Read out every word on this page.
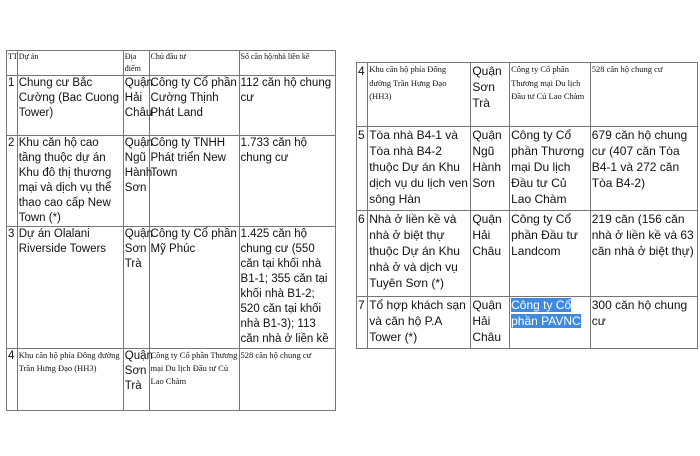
TT	Dự án	Địa điểm	Chủ đầu tư	Số căn hộ/nhà liền kề
1	Chung cư Bắc Cường (Bac Cuong Tower)	Quận Hải Châu	Công ty Cổ phần Cường Thịnh Phát Land	112 căn hộ chung cư
2	Khu căn hộ cao tầng thuộc dự án Khu đô thị thương mại và dịch vụ thể thao cao cấp New Town (*)	Quận Ngũ Hành Sơn	Công ty TNHH Phát triển New Town	1.733 căn hộ chung cư
3	Dự án Olalani Riverside Towers	Quận Sơn Trà	Công ty Cổ phần Mỹ Phúc	1.425 căn hộ chung cư (550 căn tại khối nhà B1-1; 355 căn tại khối nhà B1-2; 520 căn tại khối nhà B1-3); 113 căn nhà ở liền kề
4	Khu căn hộ phía Đông đường Trần Hưng Đạo (HH3)	Quận Sơn Trà	Công ty Cổ phần Thương mại Du lịch Đầu tư Củ Lao Chàm	528 căn hộ chung cư
4	Khu căn hộ phía Đông đường Trần Hưng Đạo (HH3)	Quận Sơn Trà	Công ty Cổ phần Thương mại Du lịch Đầu tư Củ Lao Chàm	528 căn hộ chung cư
5	Tòa nhà B4-1 và Tòa nhà B4-2 thuộc Dự án Khu dịch vụ du lịch ven sông Hàn	Quận Ngũ Hành Sơn	Công ty Cổ phần Thương mại Du lịch Đầu tư Củ Lao Chàm	679 căn hộ chung cư (407 căn Tòa B4-1 và 272 căn Tòa B4-2)
6	Nhà ở liền kề và nhà ở biệt thự thuộc Dự án Khu nhà ở và dịch vụ Tuyên Sơn (*)	Quận Hải Châu	Công ty Cổ phần Đầu tư Landcom	219 căn (156 căn nhà ở liền kề và 63 căn nhà ở biệt thự)
7	Tổ hợp khách sạn và căn hộ P.A Tower (*)	Quận Hải Châu	Công ty Cổ phần PAVNC	300 căn hộ chung cư
